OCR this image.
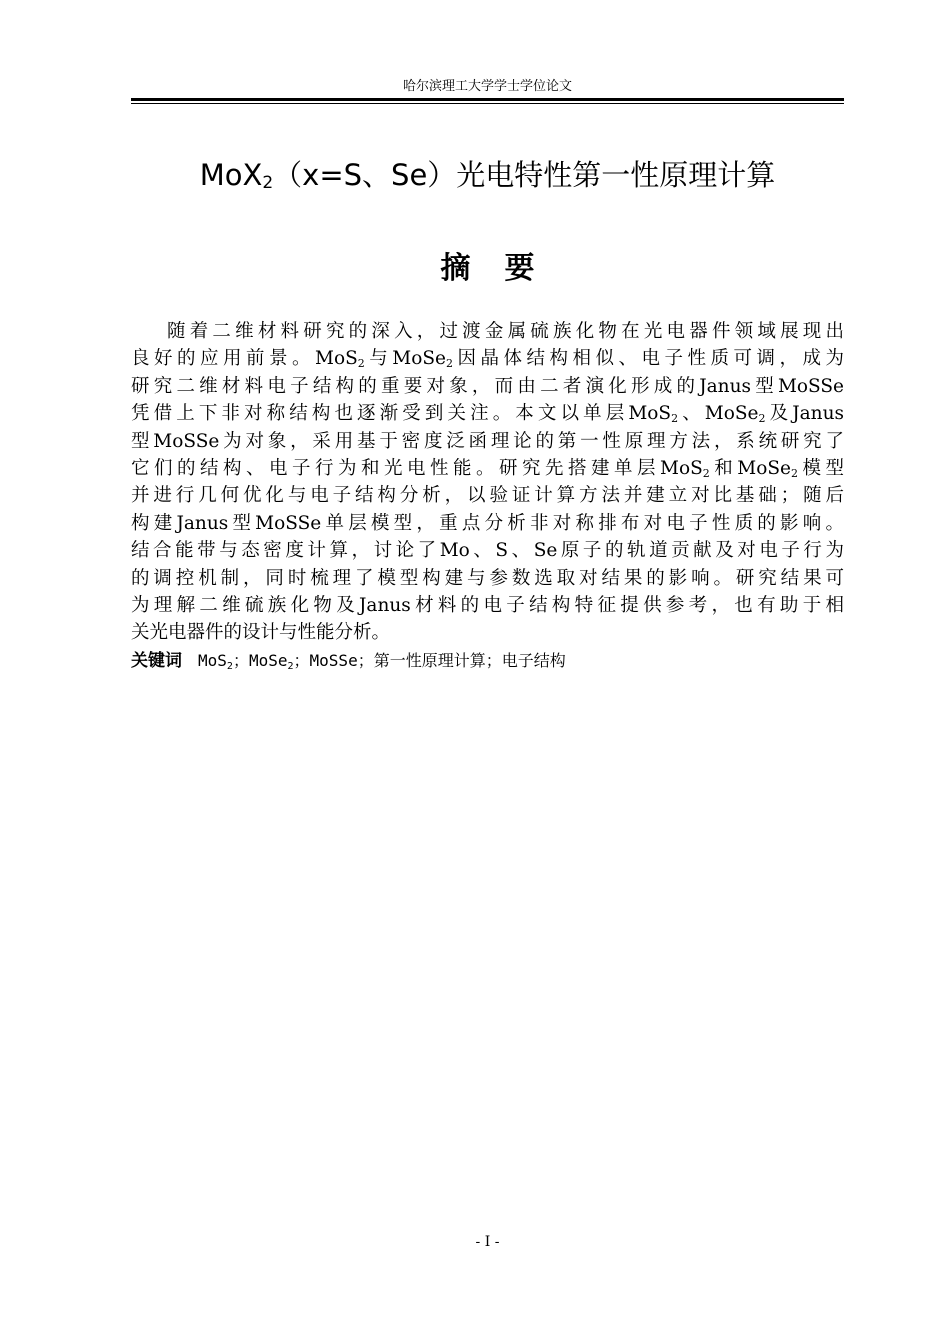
哈尔滨理工大学学士学位论文
MoX$_2$（x=S、Se）光电特性第一性原理计算
摘要
随着二维材料研究的深入，过渡金属硫族化物在光电器件领域展现出
良好的应用前景。MoS$_2$与MoSe$_2$因晶体结构相似、电子性质可调，成为
研究二维材料电子结构的重要对象，而由二者演化形成的Janus型MoSSe
凭借上下非对称结构也逐渐受到关注。本文以单层MoS$_2$、MoSe$_2$及Janus
型MoSSe为对象，采用基于密度泛函理论的第一性原理方法，系统研究了
它们的结构、电子行为和光电性能。研究先搭建单层MoS$_2$和MoSe$_2$模型
并进行几何优化与电子结构分析，以验证计算方法并建立对比基础；随后
构建Janus型MoSSe单层模型，重点分析非对称排布对电子性质的影响。
结合能带与态密度计算，讨论了Mo、S、Se原子的轨道贡献及对电子行为
的调控机制，同时梳理了模型构建与参数选取对结果的影响。研究结果可
为理解二维硫族化物及Janus材料的电子结构特征提供参考，也有助于相
关光电器件的设计与性能分析。
关键词 MoS$_2$；MoSe$_2$；MoSSe；第一性原理计算；电子结构
- I -
